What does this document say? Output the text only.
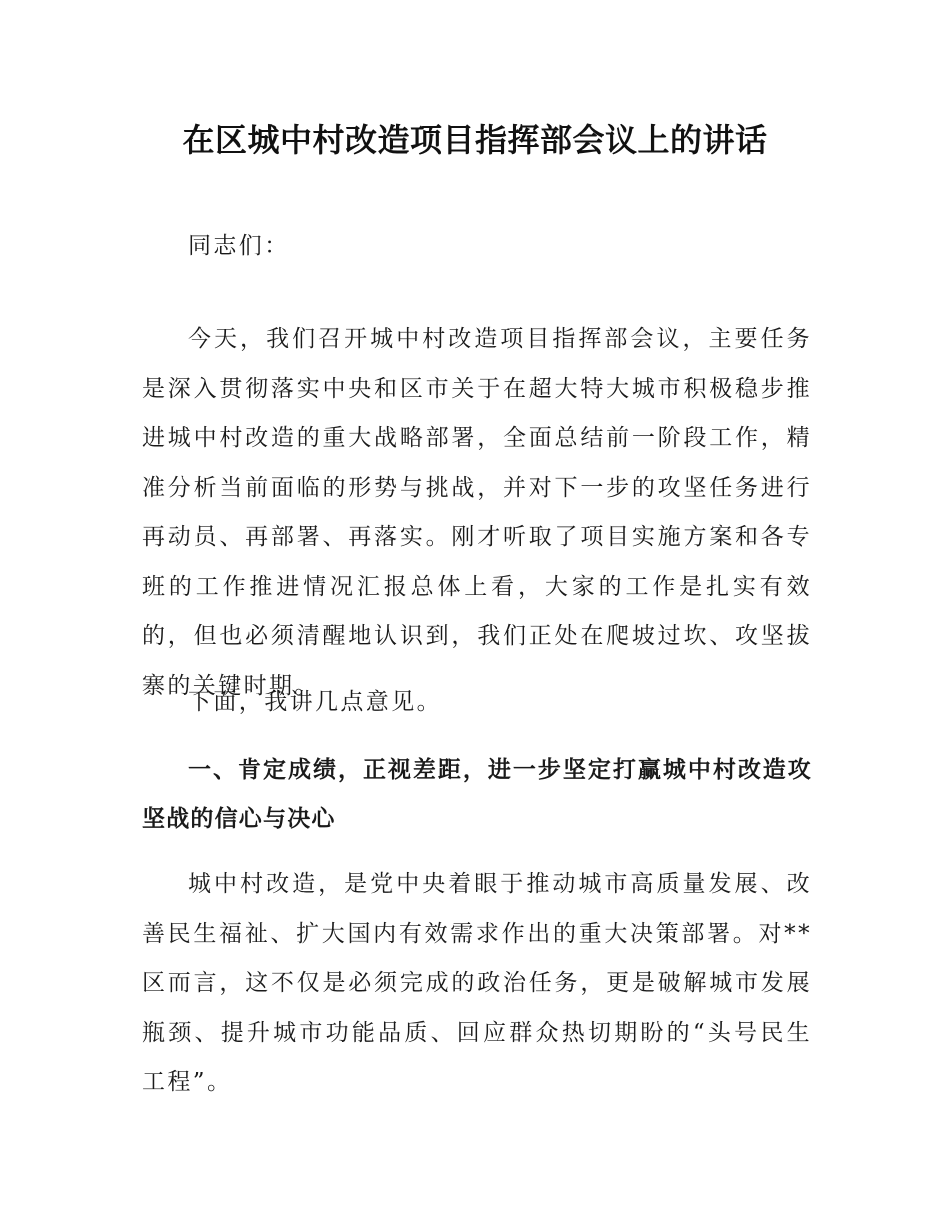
在区城中村改造项目指挥部会议上的讲话

同志们：

今天，我们召开城中村改造项目指挥部会议，主要任务是深入贯彻落实中央和区市关于在超大特大城市积极稳步推进城中村改造的重大战略部署，全面总结前一阶段工作，精准分析当前面临的形势与挑战，并对下一步的攻坚任务进行再动员、再部署、再落实。刚才听取了项目实施方案和各专班的工作推进情况汇报总体上看，大家的工作是扎实有效的，但也必须清醒地认识到，我们正处在爬坡过坎、攻坚拔寨的关键时期。

下面，我讲几点意见。

一、肯定成绩，正视差距，进一步坚定打赢城中村改造攻坚战的信心与决心

城中村改造，是党中央着眼于推动城市高质量发展、改善民生福祉、扩大国内有效需求作出的重大决策部署。对**区而言，这不仅是必须完成的政治任务，更是破解城市发展瓶颈、提升城市功能品质、回应群众热切期盼的“头号民生工程”。
